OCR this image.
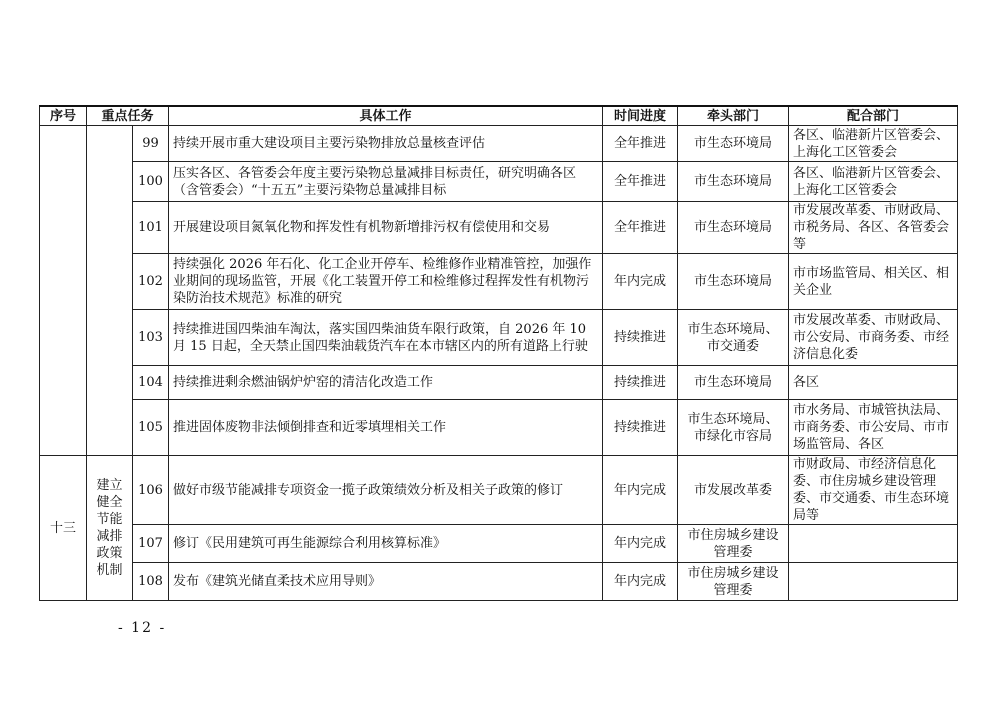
序号	重点任务		具体工作	时间进度	牵头部门	配合部门
		99	持续开展市重大建设项目主要污染物排放总量核查评估	全年推进	市生态环境局	各区、临港新片区管委会、上海化工区管委会
		100	压实各区、各管委会年度主要污染物总量减排目标责任，研究明确各区（含管委会）“十五五”主要污染物总量减排目标	全年推进	市生态环境局	各区、临港新片区管委会、上海化工区管委会
		101	开展建设项目氮氧化物和挥发性有机物新增排污权有偿使用和交易	全年推进	市生态环境局	市发展改革委、市财政局、市税务局、各区、各管委会等
		102	持续强化 2026 年石化、化工企业开停车、检维修作业精准管控，加强作业期间的现场监管，开展《化工装置开停工和检维修过程挥发性有机物污染防治技术规范》标准的研究	年内完成	市生态环境局	市市场监管局、相关区、相关企业
		103	持续推进国四柴油车淘汰，落实国四柴油货车限行政策，自 2026 年 10 月 15 日起，全天禁止国四柴油载货汽车在本市辖区内的所有道路上行驶	持续推进	市生态环境局、市交通委	市发展改革委、市财政局、市公安局、市商务委、市经济信息化委
		104	持续推进剩余燃油锅炉炉窑的清洁化改造工作	持续推进	市生态环境局	各区
		105	推进固体废物非法倾倒排查和近零填埋相关工作	持续推进	市生态环境局、市绿化市容局	市水务局、市城管执法局、市商务委、市公安局、市市场监管局、各区
十三	建立健全节能减排政策机制	106	做好市级节能减排专项资金一揽子政策绩效分析及相关子政策的修订	年内完成	市发展改革委	市财政局、市经济信息化委、市住房城乡建设管理委、市交通委、市生态环境局等
		107	修订《民用建筑可再生能源综合利用核算标准》	年内完成	市住房城乡建设管理委	
		108	发布《建筑光储直柔技术应用导则》	年内完成	市住房城乡建设管理委	
- 12 -
